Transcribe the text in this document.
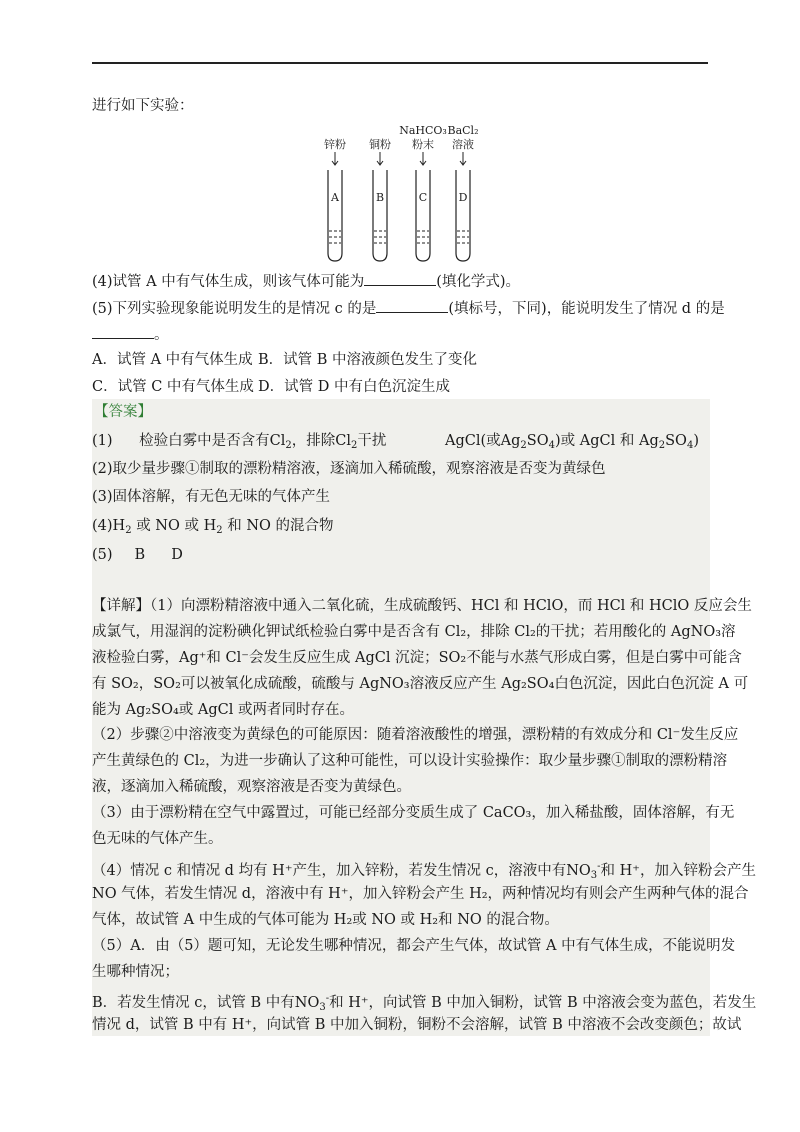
进行如下实验：
锌粉 铜粉
NaHCO₃
粉末
BaCl₂
溶液
A	B	C	D
(4)试管 A 中有气体生成，则该气体可能为	(填化学式)。
(5)下列实验现象能说明发生的是情况 c 的是	(填标号，下同)，能说明发生了情况 d 的是
。
A．试管 A 中有气体生成 B．试管 B 中溶液颜色发生了变化
C．试管 C 中有气体生成 D．试管 D 中有白色沉淀生成
【答案】
(1) 检验白雾中是否含有$Cl_2$，排除$Cl_2$干扰	AgCl(或$Ag_2SO_4$)或 AgCl 和 $Ag_2SO_4$)
(2)取少量步骤①制取的漂粉精溶液，逐滴加入稀硫酸，观察溶液是否变为黄绿色
(3)固体溶解，有无色无味的气体产生
$(4)H_2$ 或 NO 或 $H_2$ 和 NO 的混合物
(5) B D
【详解】（1）向漂粉精溶液中通入二氧化硫，生成硫酸钙、HCl 和 HClO，而 HCl 和 HClO 反应会生
成氯气，用湿润的淀粉碘化钾试纸检验白雾中是否含有 Cl₂，排除 Cl₂的干扰；若用酸化的 AgNO₃溶
液检验白雾，Ag⁺和 Cl⁻会发生反应生成 AgCl 沉淀；SO₂不能与水蒸气形成白雾，但是白雾中可能含
有 SO₂，SO₂可以被氧化成硫酸，硫酸与 AgNO₃溶液反应产生 Ag₂SO₄白色沉淀，因此白色沉淀 A 可
能为 Ag₂SO₄或 AgCl 或两者同时存在。
（2）步骤②中溶液变为黄绿色的可能原因：随着溶液酸性的增强，漂粉精的有效成分和 Cl⁻发生反应
产生黄绿色的 Cl₂，为进一步确认了这种可能性，可以设计实验操作：取少量步骤①制取的漂粉精溶
液，逐滴加入稀硫酸，观察溶液是否变为黄绿色。
（3）由于漂粉精在空气中露置过，可能已经部分变质生成了 CaCO₃，加入稀盐酸，固体溶解，有无
色无味的气体产生。
（4）情况 c 和情况 d 均有 H⁺产生，加入锌粉，若发生情况 c，溶液中有$NO_3^-$和 H⁺，加入锌粉会产生
NO 气体，若发生情况 d，溶液中有 H⁺，加入锌粉会产生 H₂，两种情况均有则会产生两种气体的混合
气体，故试管 A 中生成的气体可能为 H₂或 NO 或 H₂和 NO 的混合物。
（5）A．由（5）题可知，无论发生哪种情况，都会产生气体，故试管 A 中有气体生成，不能说明发
生哪种情况；
B．若发生情况 c，试管 B 中有$NO_3^-$和 H⁺，向试管 B 中加入铜粉，试管 B 中溶液会变为蓝色，若发生
情况 d，试管 B 中有 H⁺，向试管 B 中加入铜粉，铜粉不会溶解，试管 B 中溶液不会改变颜色；故试
